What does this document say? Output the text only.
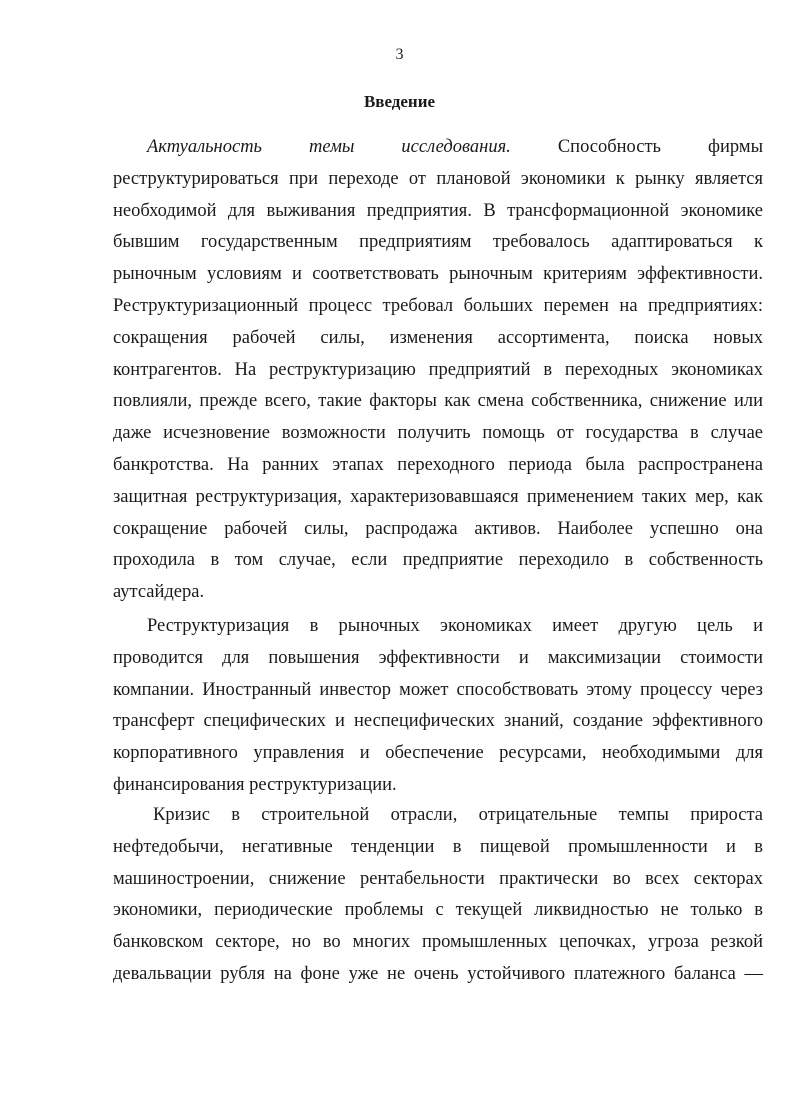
3
Введение
Актуальность темы исследования.	Способность фирмы
реструктурироваться при переходе от плановой экономики к рынку является
необходимой для выживания предприятия. В трансформационной экономике
бывшим государственным предприятиям требовалось адаптироваться к
рыночным условиям и соответствовать рыночным критериям эффективности.
Реструктуризационный процесс требовал больших перемен на предприятиях:
сокращения рабочей силы, изменения ассортимента, поиска новых
контрагентов. На реструктуризацию предприятий в переходных экономиках
повлияли, прежде всего, такие факторы как смена собственника, снижение или
даже исчезновение возможности получить помощь от государства в случае
банкротства. На ранних этапах переходного периода была распространена
защитная реструктуризация, характеризовавшаяся применением таких мер, как
сокращение рабочей силы, распродажа активов. Наиболее успешно она
проходила в том случае, если предприятие переходило в собственность
аутсайдера.
Реструктуризация в рыночных экономиках имеет другую цель и
проводится для повышения эффективности и максимизации стоимости
компании. Иностранный инвестор может способствовать этому процессу через
трансферт специфических и неспецифических знаний, создание эффективного
корпоративного управления и обеспечение ресурсами, необходимыми для
финансирования реструктуризации.
Кризис в строительной отрасли, отрицательные темпы прироста
нефтедобычи, негативные тенденции в пищевой промышленности и в
машиностроении, снижение рентабельности практически во всех секторах
экономики, периодические проблемы с текущей ликвидностью не только в
банковском секторе, но во многих промышленных цепочках, угроза резкой
девальвации рубля на фоне уже не очень устойчивого платежного баланса —
